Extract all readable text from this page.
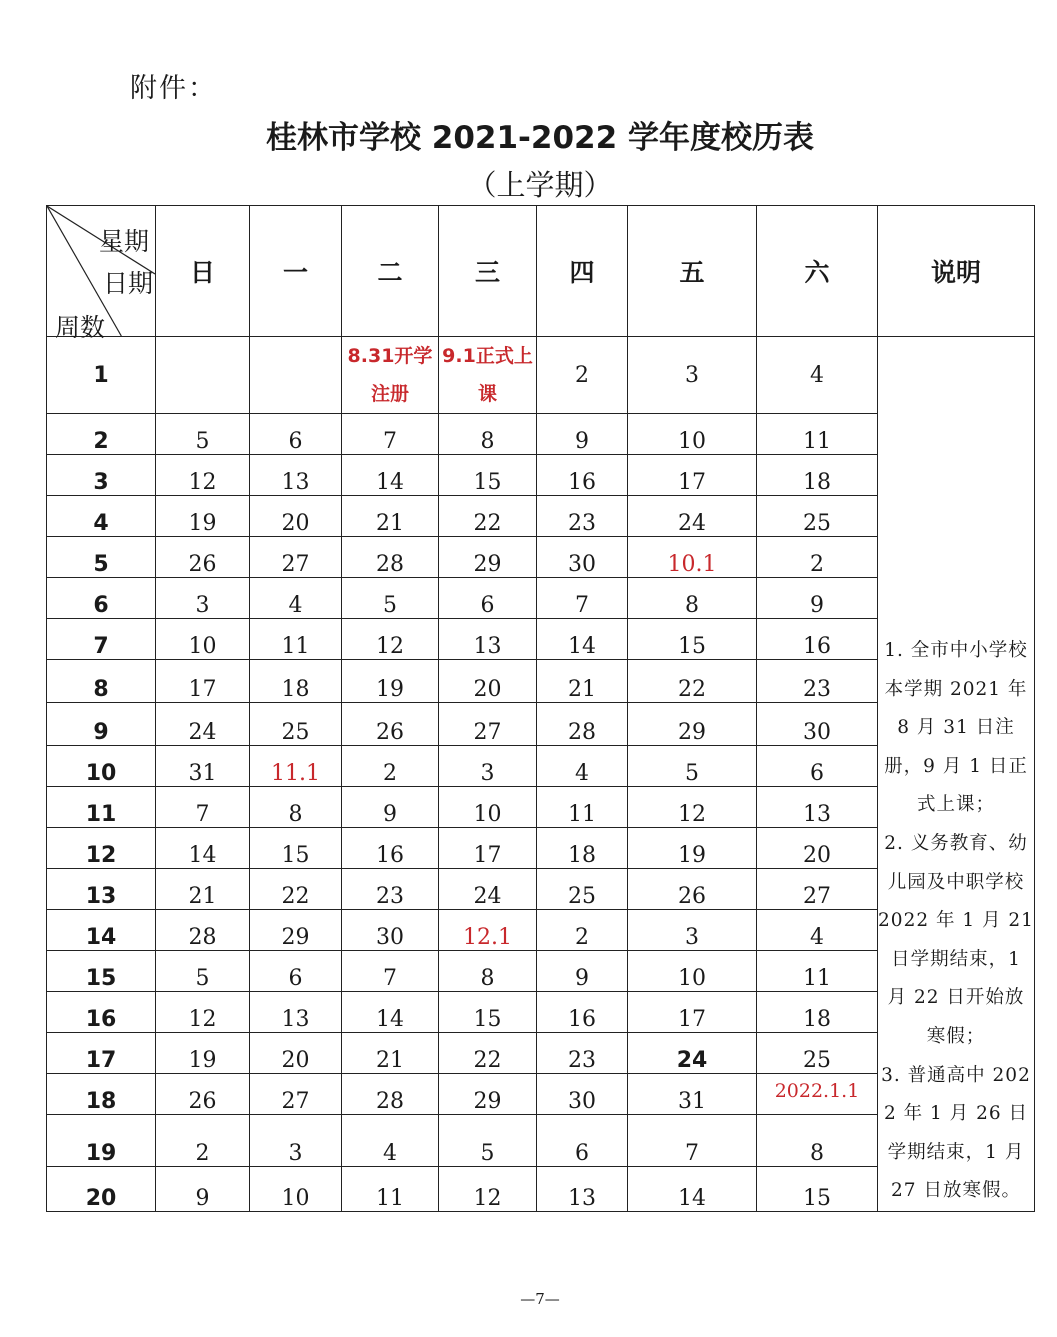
附件：
桂林市学校 2021-2022 学年度校历表
（上学期）
星期
日期
周数	日	一	二	三	四	五	六	说明
1			8.31开学注册	9.1正式上课	2	3	4	1. 全市中小学校本学期 2021 年 8 月 31 日注册，9 月 1 日正式上课；

2. 义务教育、幼儿园及中职学校 2022 年 1 月 21 日学期结束，1 月 22 日开始放寒假；

3. 普通高中 2022 年 1 月 26 日学期结束，1 月 27 日放寒假。

2	5	6	7	8	9	10	11	
3	12	13	14	15	16	17	18	
4	19	20	21	22	23	24	25	
5	26	27	28	29	30	10.1	2	
6	3	4	5	6	7	8	9	
7	10	11	12	13	14	15	16	
8	17	18	19	20	21	22	23	
9	24	25	26	27	28	29	30	
10	31	11.1	2	3	4	5	6	
11	7	8	9	10	11	12	13	
12	14	15	16	17	18	19	20	
13	21	22	23	24	25	26	27	
14	28	29	30	12.1	2	3	4	
15	5	6	7	8	9	10	11	
16	12	13	14	15	16	17	18	
17	19	20	21	22	23	24	25	
18	26	27	28	29	30	31	2022.1.1	
19	2	3	4	5	6	7	8	
20	9	10	11	12	13	14	15	
—7—
